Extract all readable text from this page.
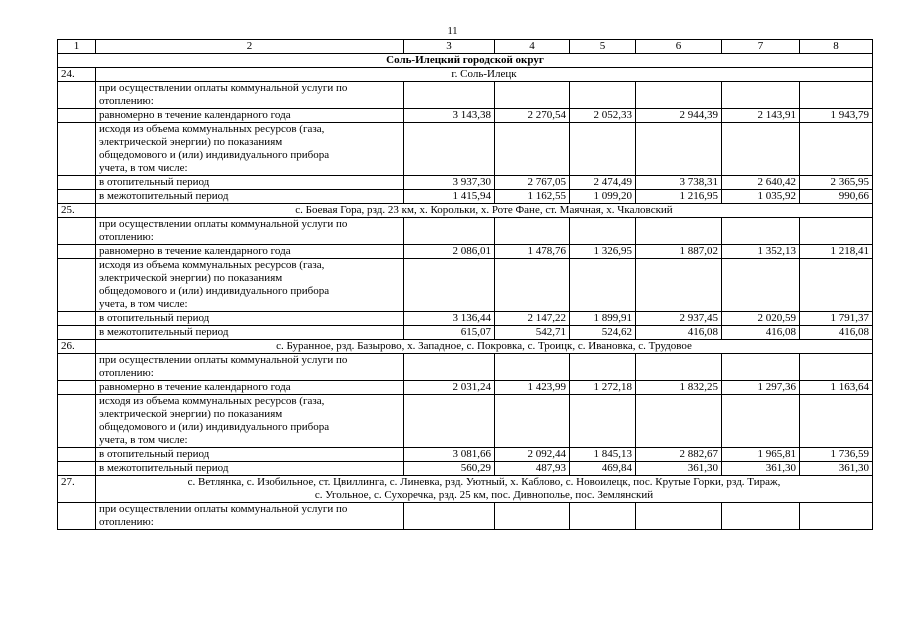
11
1	2	3	4	5	6	7	8
Соль-Илецкий городской округ							
24.	г. Соль-Илецк						
	при осуществлении оплаты коммунальной услуги по
отоплению:						
	равномерно в течение календарного года	3 143,38	2 270,54	2 052,33	2 944,39	2 143,91	1 943,79
	исходя из объема коммунальных ресурсов (газа,
электрической энергии) по показаниям
общедомового и (или) индивидуального прибора
учета, в том числе:						
	в отопительный период	3 937,30	2 767,05	2 474,49	3 738,31	2 640,42	2 365,95
	в межотопительный период	1 415,94	1 162,55	1 099,20	1 216,95	1 035,92	990,66
25.	с. Боевая Гора, рзд. 23 км, х. Корольки, х. Роте Фане, ст. Маячная, х. Чкаловский						
	при осуществлении оплаты коммунальной услуги по
отоплению:						
	равномерно в течение календарного года	2 086,01	1 478,76	1 326,95	1 887,02	1 352,13	1 218,41
	исходя из объема коммунальных ресурсов (газа,
электрической энергии) по показаниям
общедомового и (или) индивидуального прибора
учета, в том числе:						
	в отопительный период	3 136,44	2 147,22	1 899,91	2 937,45	2 020,59	1 791,37
	в межотопительный период	615,07	542,71	524,62	416,08	416,08	416,08
26.	с. Буранное, рзд. Базырово, х. Западное, с. Покровка, с. Троицк, с. Ивановка, с. Трудовое						
	при осуществлении оплаты коммунальной услуги по
отоплению:						
	равномерно в течение календарного года	2 031,24	1 423,99	1 272,18	1 832,25	1 297,36	1 163,64
	исходя из объема коммунальных ресурсов (газа,
электрической энергии) по показаниям
общедомового и (или) индивидуального прибора
учета, в том числе:						
	в отопительный период	3 081,66	2 092,44	1 845,13	2 882,67	1 965,81	1 736,59
	в межотопительный период	560,29	487,93	469,84	361,30	361,30	361,30
27.	с. Ветлянка, с. Изобильное, ст. Цвиллинга, с. Линевка, рзд. Уютный, х. Каблово, с. Новоилецк, пос. Крутые Горки, рзд. Тираж,
с. Угольное, с. Сухоречка, рзд. 25 км, пос. Дивнополье, пос. Землянский						
	при осуществлении оплаты коммунальной услуги по
отоплению:						
